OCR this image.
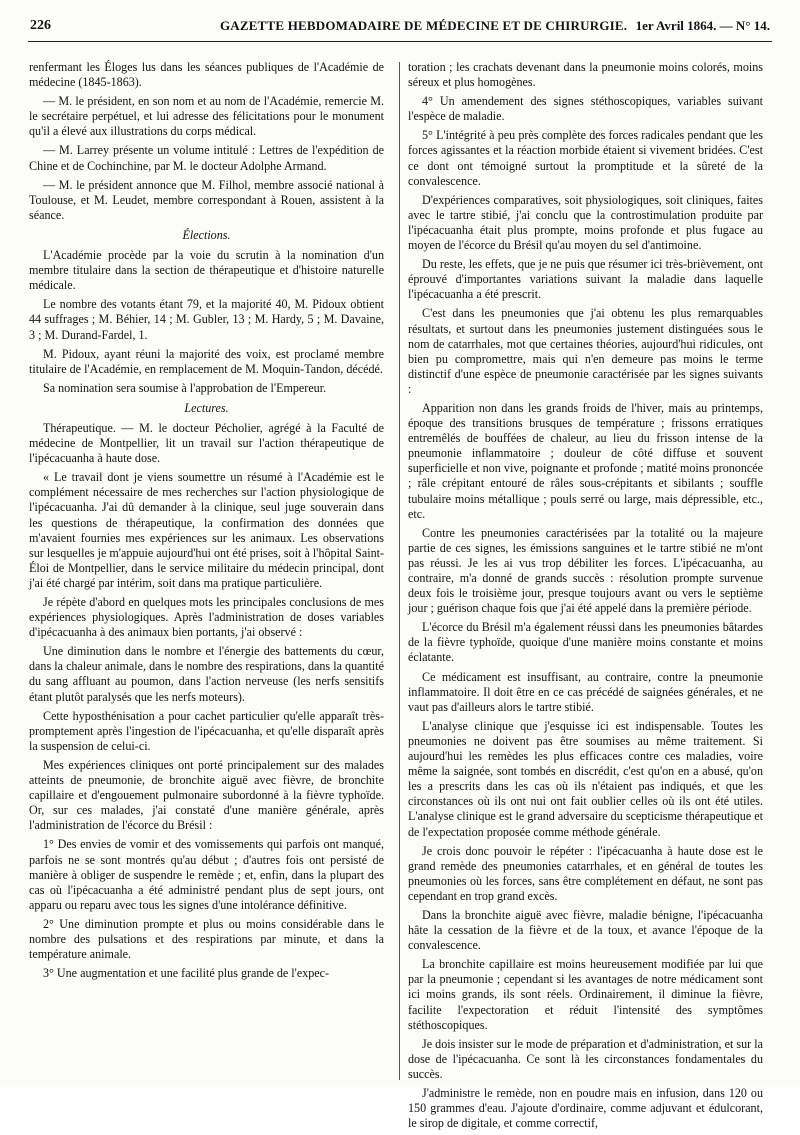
226	GAZETTE HEBDOMADAIRE DE MÉDECINE ET DE CHIRURGIE. 1er Avril 1864. — N° 14.

renfermant les Éloges lus dans les séances publiques de l'Académie de médecine (1845-1863).

— M. le président, en son nom et au nom de l'Académie, remercie M. le secrétaire perpétuel, et lui adresse des félicitations pour le monument qu'il a élevé aux illustrations du corps médical.

— M. Larrey présente un volume intitulé : Lettres de l'expédition de Chine et de Cochinchine, par M. le docteur Adolphe Armand.

— M. le président annonce que M. Filhol, membre associé national à Toulouse, et M. Leudet, membre correspondant à Rouen, assistent à la séance.

Élections.

L'Académie procède par la voie du scrutin à la nomination d'un membre titulaire dans la section de thérapeutique et d'histoire naturelle médicale.

Le nombre des votants étant 79, et la majorité 40, M. Pidoux obtient 44 suffrages ; M. Béhier, 14 ; M. Gubler, 13 ; M. Hardy, 5 ; M. Davaine, 3 ; M. Durand-Fardel, 1.

M. Pidoux, ayant réuni la majorité des voix, est proclamé membre titulaire de l'Académie, en remplacement de M. Moquin-Tandon, décédé.

Sa nomination sera soumise à l'approbation de l'Empereur.

Lectures.

Thérapeutique. — M. le docteur Pécholier, agrégé à la Faculté de médecine de Montpellier, lit un travail sur l'action thérapeutique de l'ipécacuanha à haute dose.

« Le travail dont je viens soumettre un résumé à l'Académie est le complément nécessaire de mes recherches sur l'action physiologique de l'ipécacuanha. J'ai dû demander à la clinique, seul juge souverain dans les questions de thérapeutique, la confirmation des données que m'avaient fournies mes expériences sur les animaux. Les observations sur lesquelles je m'appuie aujourd'hui ont été prises, soit à l'hôpital Saint-Éloi de Montpellier, dans le service militaire du médecin principal, dont j'ai été chargé par intérim, soit dans ma pratique particulière.

Je répète d'abord en quelques mots les principales conclusions de mes expériences physiologiques. Après l'administration de doses variables d'ipécacuanha à des animaux bien portants, j'ai observé :

Une diminution dans le nombre et l'énergie des battements du cœur, dans la chaleur animale, dans le nombre des respirations, dans la quantité du sang affluant au poumon, dans l'action nerveuse (les nerfs sensitifs étant plutôt paralysés que les nerfs moteurs).

Cette hyposthénisation a pour cachet particulier qu'elle apparaît très-promptement après l'ingestion de l'ipécacuanha, et qu'elle disparaît après la suspension de celui-ci.

Mes expériences cliniques ont porté principalement sur des malades atteints de pneumonie, de bronchite aiguë avec fièvre, de bronchite capillaire et d'engouement pulmonaire subordonné à la fièvre typhoïde. Or, sur ces malades, j'ai constaté d'une manière générale, après l'administration de l'écorce du Brésil :

1° Des envies de vomir et des vomissements qui parfois ont manqué, parfois ne se sont montrés qu'au début ; d'autres fois ont persisté de manière à obliger de suspendre le remède ; et, enfin, dans la plupart des cas où l'ipécacuanha a été administré pendant plus de sept jours, ont apparu ou reparu avec tous les signes d'une intolérance définitive.

2° Une diminution prompte et plus ou moins considérable dans le nombre des pulsations et des respirations par minute, et dans la température animale.

3° Une augmentation et une facilité plus grande de l'expec-

toration ; les crachats devenant dans la pneumonie moins colorés, moins séreux et plus homogènes.

4° Un amendement des signes stéthoscopiques, variables suivant l'espèce de maladie.

5° L'intégrité à peu près complète des forces radicales pendant que les forces agissantes et la réaction morbide étaient si vivement bridées. C'est ce dont ont témoigné surtout la promptitude et la sûreté de la convalescence.

D'expériences comparatives, soit physiologiques, soit cliniques, faites avec le tartre stibié, j'ai conclu que la controstimulation produite par l'ipécacuanha était plus prompte, moins profonde et plus fugace au moyen de l'écorce du Brésil qu'au moyen du sel d'antimoine.

Du reste, les effets, que je ne puis que résumer ici très-brièvement, ont éprouvé d'importantes variations suivant la maladie dans laquelle l'ipécacuanha a été prescrit.

C'est dans les pneumonies que j'ai obtenu les plus remarquables résultats, et surtout dans les pneumonies justement distinguées sous le nom de catarrhales, mot que certaines théories, aujourd'hui ridicules, ont bien pu compromettre, mais qui n'en demeure pas moins le terme distinctif d'une espèce de pneumonie caractérisée par les signes suivants :

Apparition non dans les grands froids de l'hiver, mais au printemps, époque des transitions brusques de température ; frissons erratiques entremêlés de bouffées de chaleur, au lieu du frisson intense de la pneumonie inflammatoire ; douleur de côté diffuse et souvent superficielle et non vive, poignante et profonde ; matité moins prononcée ; râle crépitant entouré de râles sous-crépitants et sibilants ; souffle tubulaire moins métallique ; pouls serré ou large, mais dépressible, etc., etc.

Contre les pneumonies caractérisées par la totalité ou la majeure partie de ces signes, les émissions sanguines et le tartre stibié ne m'ont pas réussi. Je les ai vus trop débiliter les forces. L'ipécacuanha, au contraire, m'a donné de grands succès : résolution prompte survenue deux fois le troisième jour, presque toujours avant ou vers le septième jour ; guérison chaque fois que j'ai été appelé dans la première période.

L'écorce du Brésil m'a également réussi dans les pneumonies bâtardes de la fièvre typhoïde, quoique d'une manière moins constante et moins éclatante.

Ce médicament est insuffisant, au contraire, contre la pneumonie inflammatoire. Il doit être en ce cas précédé de saignées générales, et ne vaut pas d'ailleurs alors le tartre stibié.

L'analyse clinique que j'esquisse ici est indispensable. Toutes les pneumonies ne doivent pas être soumises au même traitement. Si aujourd'hui les remèdes les plus efficaces contre ces maladies, voire même la saignée, sont tombés en discrédit, c'est qu'on en a abusé, qu'on les a prescrits dans les cas où ils n'étaient pas indiqués, et que les circonstances où ils ont nui ont fait oublier celles où ils ont été utiles. L'analyse clinique est le grand adversaire du scepticisme thérapeutique et de l'expectation proposée comme méthode générale.

Je crois donc pouvoir le répéter : l'ipécacuanha à haute dose est le grand remède des pneumonies catarrhales, et en général de toutes les pneumonies où les forces, sans être complétement en défaut, ne sont pas cependant en trop grand excès.

Dans la bronchite aiguë avec fièvre, maladie bénigne, l'ipécacuanha hâte la cessation de la fièvre et de la toux, et avance l'époque de la convalescence.

La bronchite capillaire est moins heureusement modifiée par lui que par la pneumonie ; cependant si les avantages de notre médicament sont ici moins grands, ils sont réels. Ordinairement, il diminue la fièvre, facilite l'expectoration et réduit l'intensité des symptômes stéthoscopiques.

Je dois insister sur le mode de préparation et d'administration, et sur la dose de l'ipécacuanha. Ce sont là les circonstances fondamentales du succès.

J'administre le remède, non en poudre mais en infusion, dans 120 ou 150 grammes d'eau. J'ajoute d'ordinaire, comme adjuvant et édulcorant, le sirop de digitale, et comme correctif,
